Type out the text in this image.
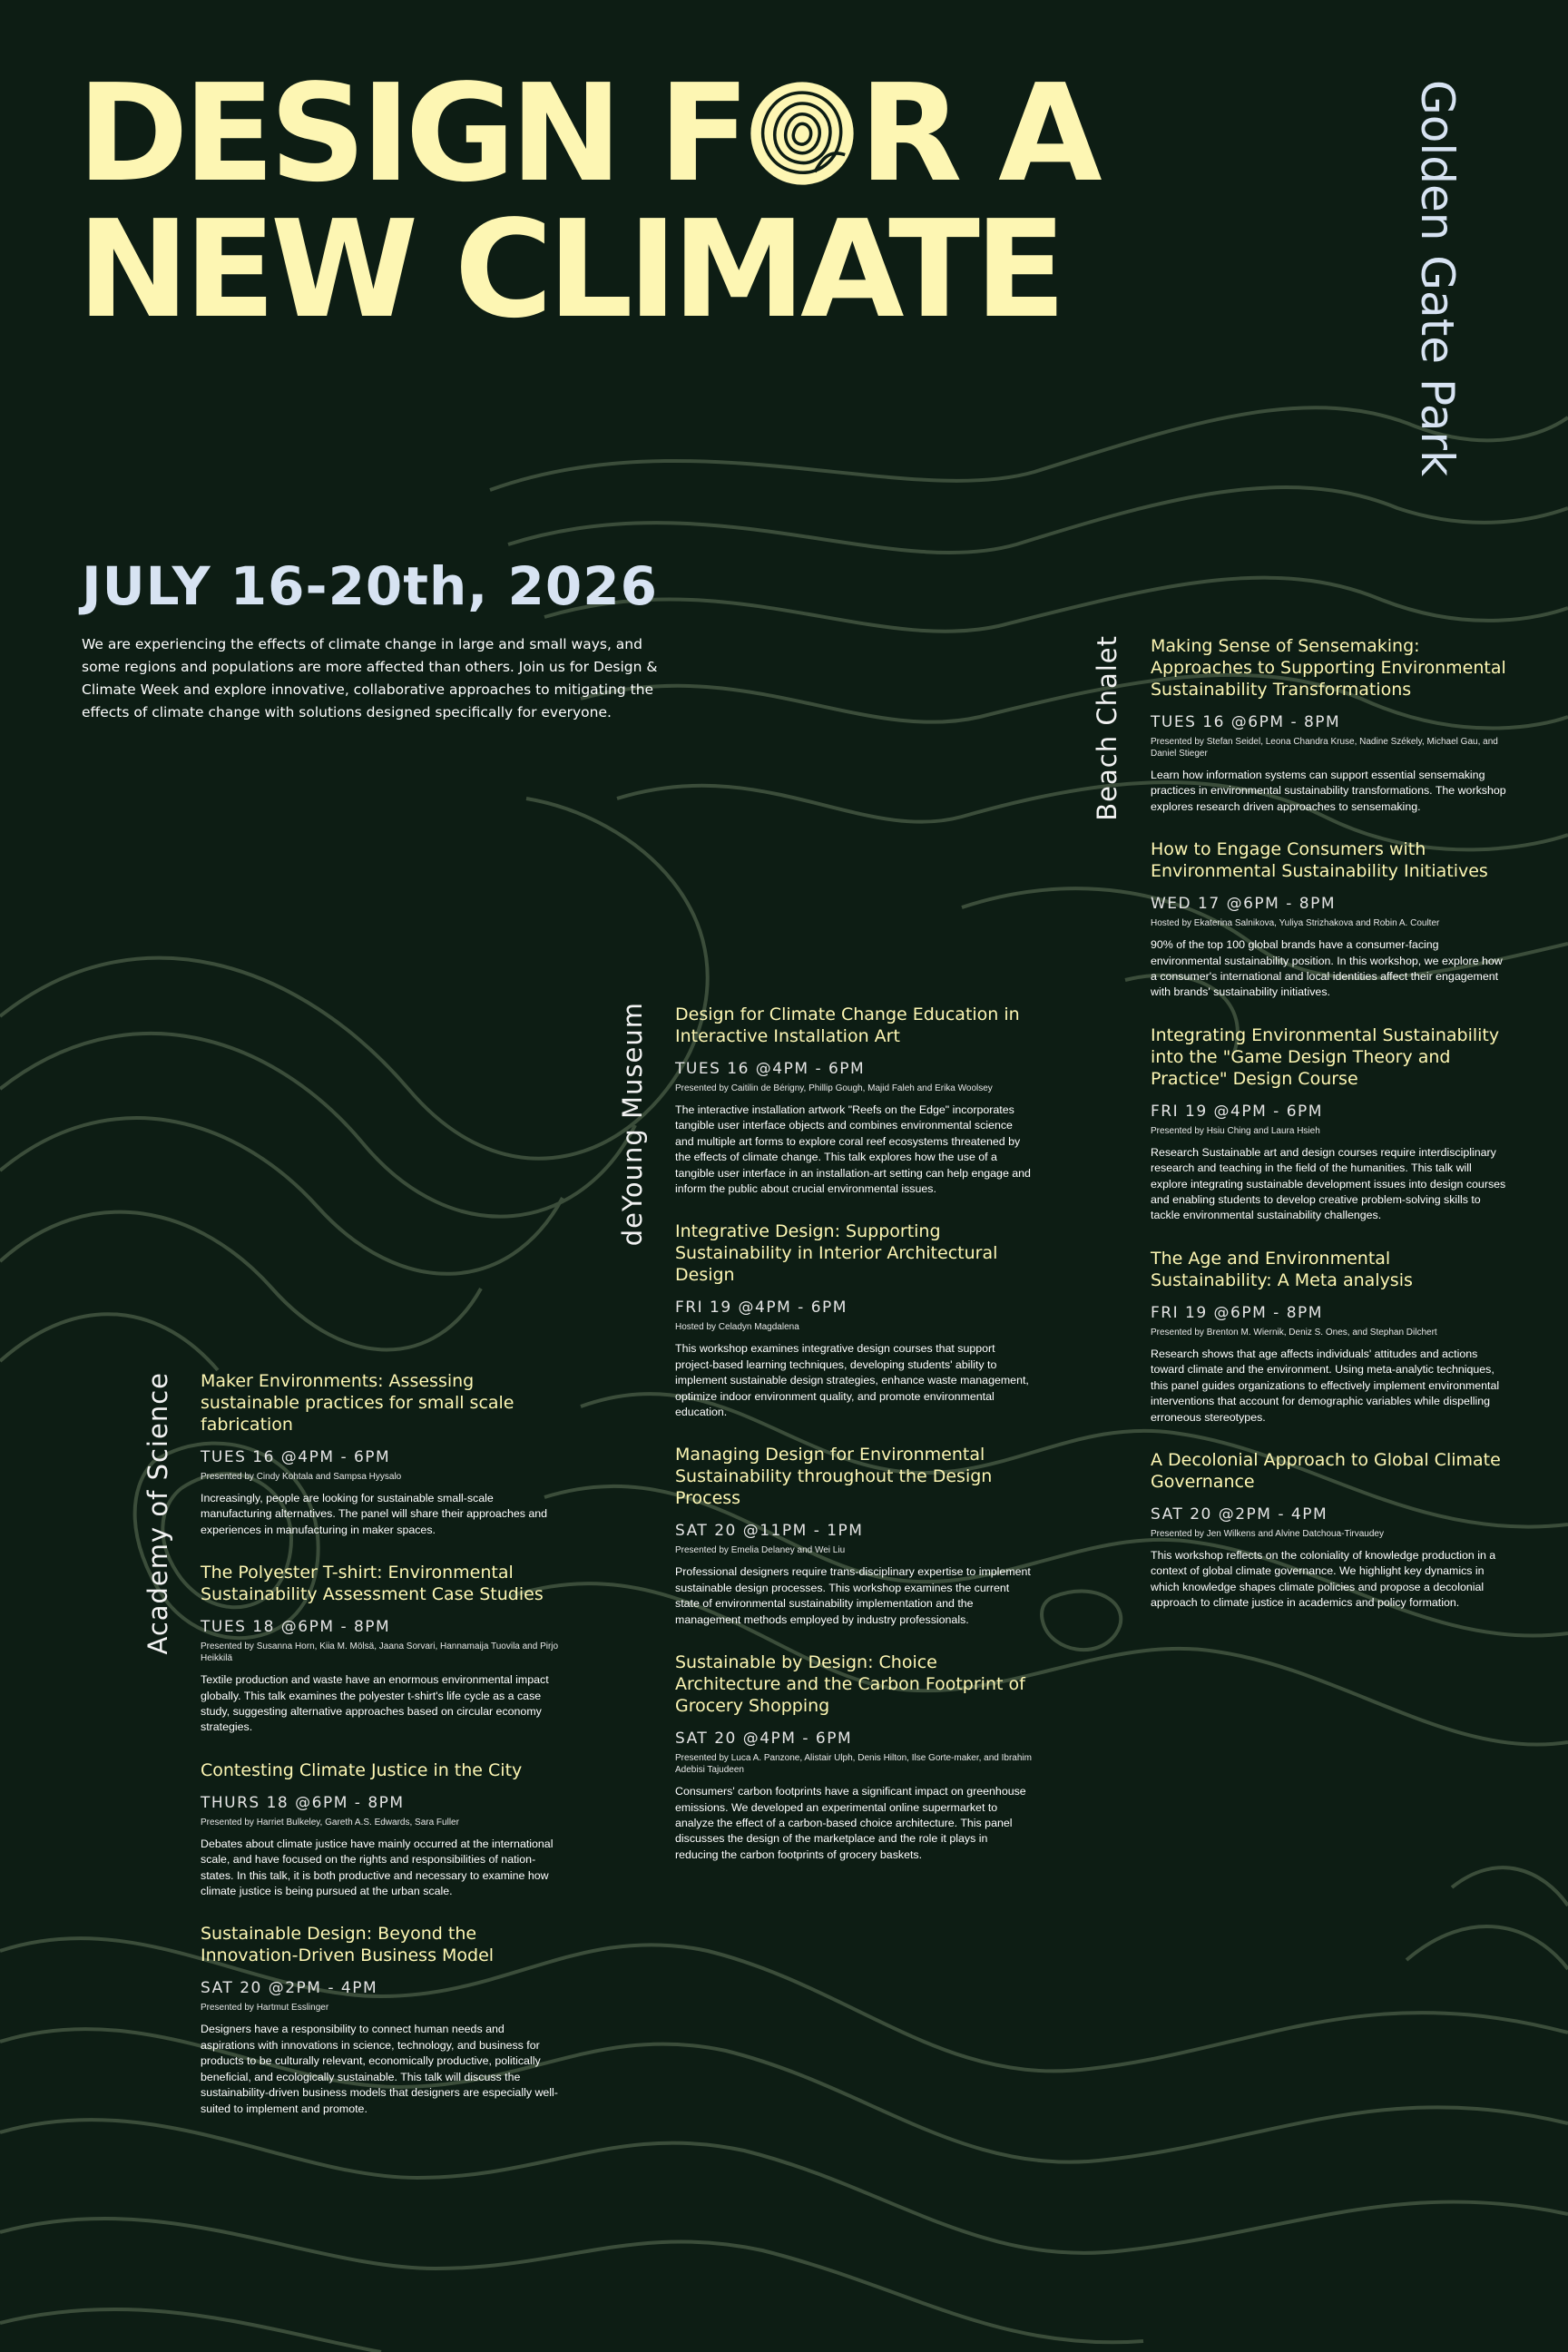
DESIGN F R A
NEW CLIMATE	Golden Gate Park
JULY 16-20th, 2026
We are experiencing the effects of climate change in large and small ways, and some regions and populations are more affected than others. Join us for Design & Climate Week and explore innovative, collaborative approaches to mitigating the effects of climate change with solutions designed specifically for everyone.
Academy of Science
deYoung Museum
Beach Chalet
Maker Environments: Assessing sustainable practices for small scale fabrication
TUES 16 @4PM - 6PM
Presented by Cindy Kohtala and Sampsa Hyysalo
Increasingly, people are looking for sustainable small-scale manufacturing alternatives. The panel will share their approaches and experiences in manufacturing in maker spaces.
The Polyester T-shirt: Environmental Sustainability Assessment Case Studies
TUES 18 @6PM - 8PM
Presented by Susanna Horn, Kiia M. Mölsä, Jaana Sorvari, Hannamaija Tuovila and Pirjo Heikkilä
Textile production and waste have an enormous environmental impact globally. This talk examines the polyester t-shirt's life cycle as a case study, suggesting alternative approaches based on circular economy strategies.
Contesting Climate Justice in the City
THURS 18 @6PM - 8PM
Presented by Harriet Bulkeley, Gareth A.S. Edwards, Sara Fuller
Debates about climate justice have mainly occurred at the international scale, and have focused on the rights and responsibilities of nation-states. In this talk, it is both productive and necessary to examine how climate justice is being pursued at the urban scale.
Sustainable Design: Beyond the Innovation-Driven Business Model
SAT 20 @2PM - 4PM
Presented by Hartmut Esslinger
Designers have a responsibility to connect human needs and aspirations with innovations in science, technology, and business for products to be culturally relevant, economically productive, politically beneficial, and ecologically sustainable. This talk will discuss the sustainability-driven business models that designers are especially well-suited to implement and promote.
Design for Climate Change Education in Interactive Installation Art
TUES 16 @4PM - 6PM
Presented by Caitilin de Bérigny, Phillip Gough, Majid Faleh and Erika Woolsey
The interactive installation artwork "Reefs on the Edge" incorporates tangible user interface objects and combines environmental science and multiple art forms to explore coral reef ecosystems threatened by the effects of climate change. This talk explores how the use of a tangible user interface in an installation-art setting can help engage and inform the public about crucial environmental issues.
Integrative Design: Supporting Sustainability in Interior Architectural Design
FRI 19 @4PM - 6PM
Hosted by Celadyn Magdalena
This workshop examines integrative design courses that support project-based learning techniques, developing students' ability to implement sustainable design strategies, enhance waste management, optimize indoor environment quality, and promote environmental education.
Managing Design for Environmental Sustainability throughout the Design Process
SAT 20 @11PM - 1PM
Presented by Emelia Delaney and Wei Liu
Professional designers require trans-disciplinary expertise to implement sustainable design processes. This workshop examines the current state of environmental sustainability implementation and the management methods employed by industry professionals.
Sustainable by Design: Choice Architecture and the Carbon Footprint of Grocery Shopping
SAT 20 @4PM - 6PM
Presented by Luca A. Panzone, Alistair Ulph, Denis Hilton, Ilse Gorte-maker, and Ibrahim Adebisi Tajudeen
Consumers' carbon footprints have a significant impact on greenhouse emissions. We developed an experimental online supermarket to analyze the effect of a carbon-based choice architecture. This panel discusses the design of the marketplace and the role it plays in reducing the carbon footprints of grocery baskets.
Making Sense of Sensemaking: Approaches to Supporting Environmental Sustainability Transformations
TUES 16 @6PM - 8PM
Presented by Stefan Seidel, Leona Chandra Kruse, Nadine Székely, Michael Gau, and Daniel Stieger
Learn how information systems can support essential sensemaking practices in environmental sustainability transformations. The workshop explores research driven approaches to sensemaking.
How to Engage Consumers with Environmental Sustainability Initiatives
WED 17 @6PM - 8PM
Hosted by Ekaterina Salnikova, Yuliya Strizhakova and Robin A. Coulter
90% of the top 100 global brands have a consumer-facing environmental sustainability position. In this workshop, we explore how a consumer's international and local identities affect their engagement with brands' sustainability initiatives.
Integrating Environmental Sustainability into the "Game Design Theory and Practice" Design Course
FRI 19 @4PM - 6PM
Presented by Hsiu Ching and Laura Hsieh
Research Sustainable art and design courses require interdisciplinary research and teaching in the field of the humanities. This talk will explore integrating sustainable development issues into design courses and enabling students to develop creative problem-solving skills to tackle environmental sustainability challenges.
The Age and Environmental Sustainability: A Meta analysis
FRI 19 @6PM - 8PM
Presented by Brenton M. Wiernik, Deniz S. Ones, and Stephan Dilchert
Research shows that age affects individuals' attitudes and actions toward climate and the environment. Using meta-analytic techniques, this panel guides organizations to effectively implement environmental interventions that account for demographic variables while dispelling erroneous stereotypes.
A Decolonial Approach to Global Climate Governance
SAT 20 @2PM - 4PM
Presented by Jen Wilkens and Alvine Datchoua-Tirvaudey
This workshop reflects on the coloniality of knowledge production in a context of global climate governance. We highlight key dynamics in which knowledge shapes climate policies and propose a decolonial approach to climate justice in academics and policy formation.
